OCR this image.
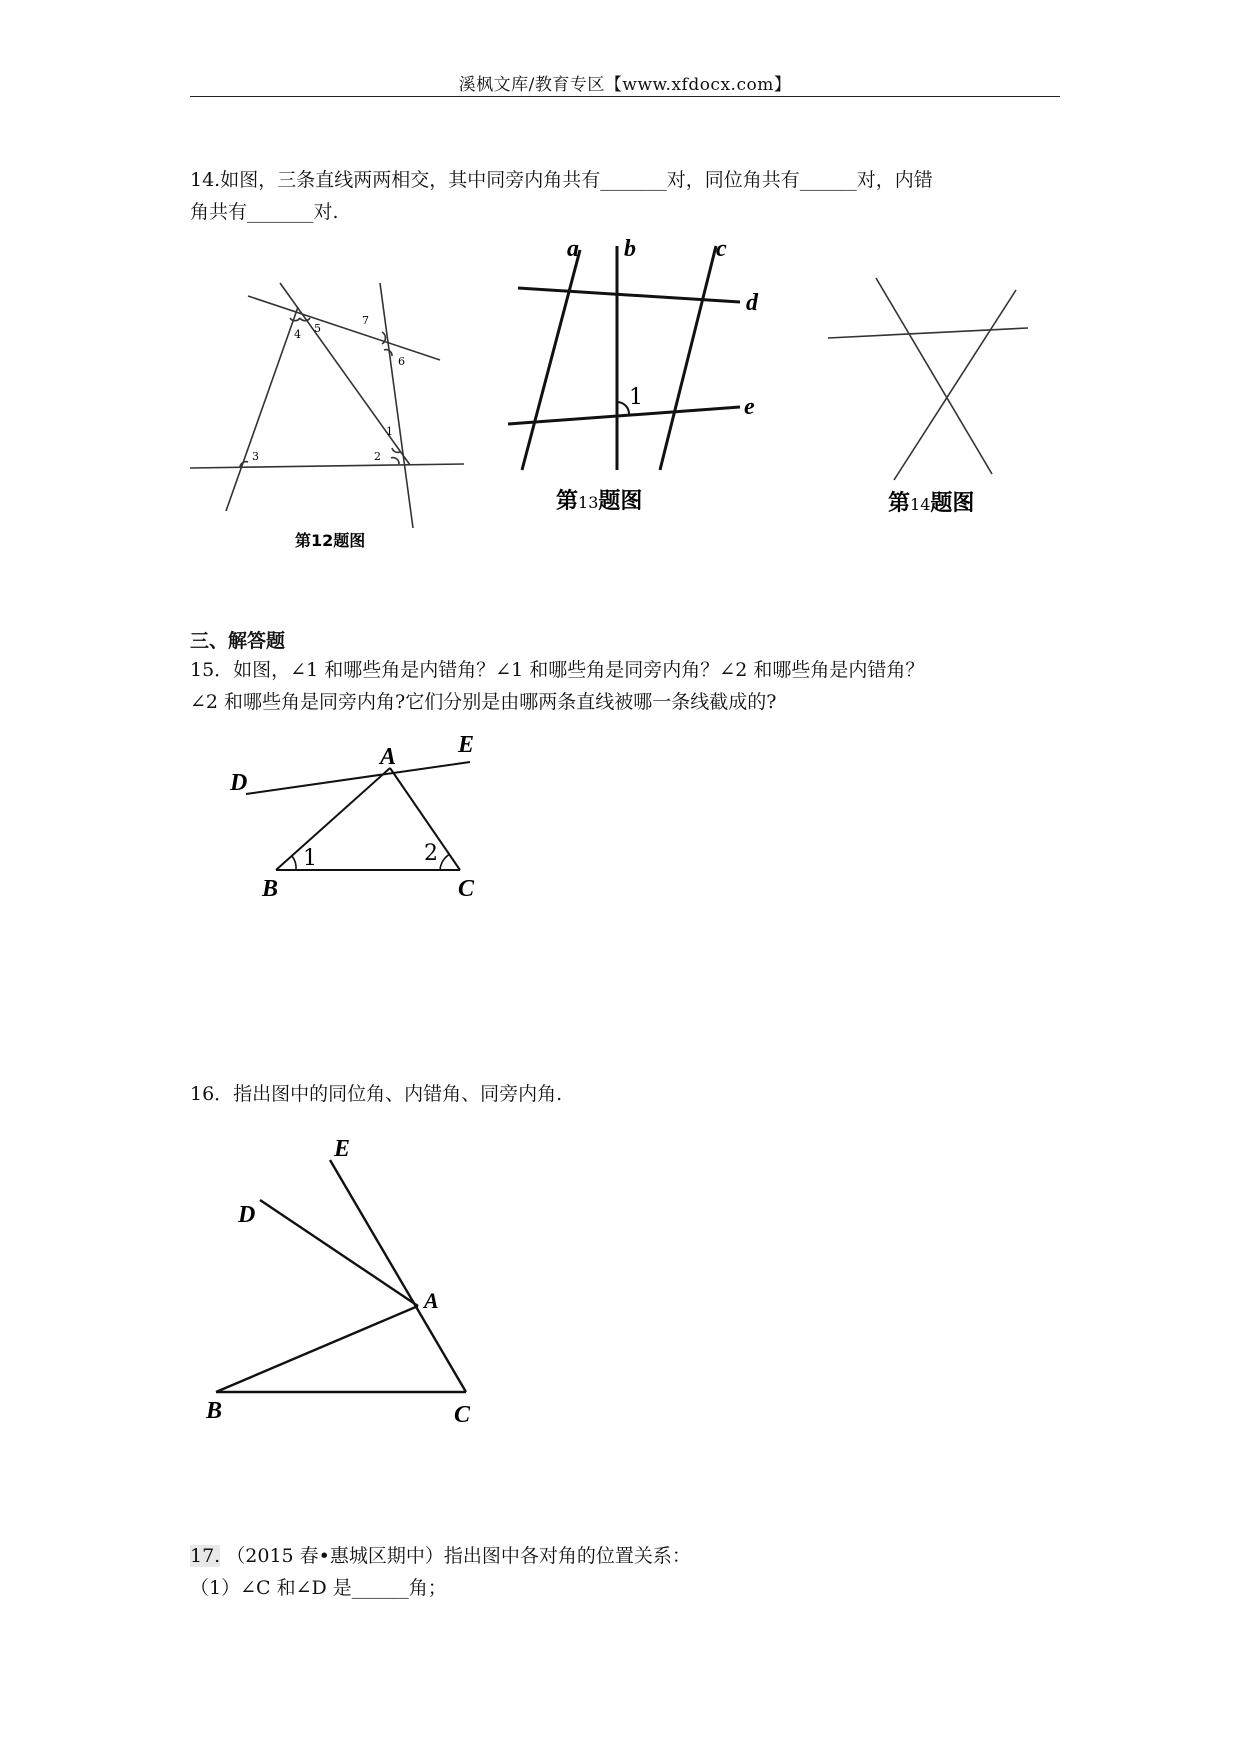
溪枫文库/教育专区【www.xfdocx.com】
14.如图，三条直线两两相交，其中同旁内角共有_______对，同位角共有______对，内错
角共有_______对.
4 5
7
6
1
2
3
第12题图
a b	c
d
e
1
第13题图	第14题图
三、解答题
15．如图，∠1 和哪些角是内错角？∠1 和哪些角是同旁内角？∠2 和哪些角是内错角？
∠2 和哪些角是同旁内角?它们分别是由哪两条直线被哪一条线截成的?
D
A	E
B	C
1	2
16．指出图中的同位角、内错角、同旁内角.
E
D
A
B	C
17. （2015 春•惠城区期中）指出图中各对角的位置关系：
（1）∠C 和∠D 是______角；
